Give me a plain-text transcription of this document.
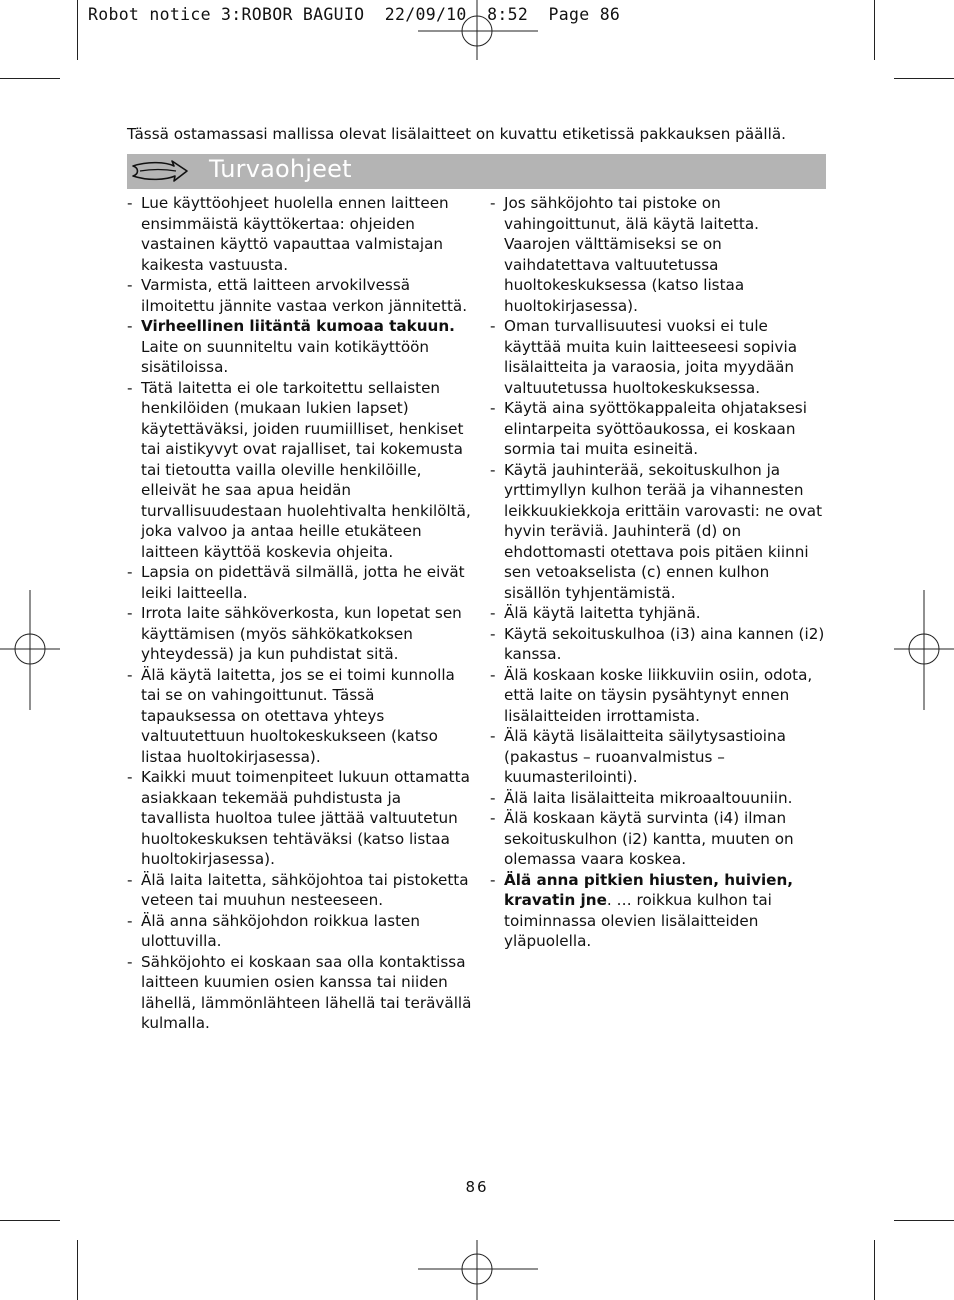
Robot notice 3:ROBOR BAGUIO  22/09/10  8:52  Page 86
Tässä ostamassasi mallissa olevat lisälaitteet on kuvattu etiketissä pakkauksen päällä.
Turvaohjeet
- Lue käyttöohjeet huolella ennen laitteen ensimmäistä käyttökertaa: ohjeiden vastainen käyttö vapauttaa valmistajan kaikesta vastuusta.
- Varmista, että laitteen arvokilvessä ilmoitettu jännite vastaa verkon jännitettä.
- Virheellinen liitäntä kumoaa takuun. Laite on suunniteltu vain kotikäyttöön sisätiloissa.
- Tätä laitetta ei ole tarkoitettu sellaisten henkilöiden (mukaan lukien lapset) käytettäväksi, joiden ruumiilliset, henkiset tai aistikyvyt ovat rajalliset, tai kokemusta tai tietoutta vailla oleville henkilöille, elleivät he saa apua heidän turvallisuudestaan huolehtivalta henkilöltä, joka valvoo ja antaa heille etukäteen laitteen käyttöä koskevia ohjeita.
- Lapsia on pidettävä silmällä, jotta he eivät leiki laitteella.
- Irrota laite sähköverkosta, kun lopetat sen käyttämisen (myös sähkökatkoksen yhteydessä) ja kun puhdistat sitä.
- Älä käytä laitetta, jos se ei toimi kunnolla tai se on vahingoittunut. Tässä tapauksessa on otettava yhteys valtuutettuun huoltokeskukseen (katso listaa huoltokirjasessa).
- Kaikki muut toimenpiteet lukuun ottamatta asiakkaan tekemää puhdistusta ja tavallista huoltoa tulee jättää valtuutetun huoltokeskuksen tehtäväksi (katso listaa huoltokirjasessa).
- Älä laita laitetta, sähköjohtoa tai pistoketta veteen tai muuhun nesteeseen.
- Älä anna sähköjohdon roikkua lasten ulottuvilla.
- Sähköjohto ei koskaan saa olla kontaktissa laitteen kuumien osien kanssa tai niiden lähellä, lämmönlähteen lähellä tai terävällä kulmalla.
- Jos sähköjohto tai pistoke on vahingoittunut, älä käytä laitetta. Vaarojen välttämiseksi se on vaihdatettava valtuutetussa huoltokeskuksessa (katso listaa huoltokirjasessa).
- Oman turvallisuutesi vuoksi ei tule käyttää muita kuin laitteeseesi sopivia lisälaitteita ja varaosia, joita myydään valtuutetussa huoltokeskuksessa.
- Käytä aina syöttökappaleita ohjataksesi elintarpeita syöttöaukossa, ei koskaan sormia tai muita esineitä.
- Käytä jauhinterää, sekoituskulhon ja yrttimyllyn kulhon terää ja vihannesten leikkuukiekkoja erittäin varovasti: ne ovat hyvin teräviä. Jauhinterä (d) on ehdottomasti otettava pois pitäen kiinni sen vetoakselista (c) ennen kulhon sisällön tyhjentämistä.
- Älä käytä laitetta tyhjänä.
- Käytä sekoituskulhoa (i3) aina kannen (i2) kanssa.
- Älä koskaan koske liikkuviin osiin, odota, että laite on täysin pysähtynyt ennen lisälaitteiden irrottamista.
- Älä käytä lisälaitteita säilytysastioina (pakastus – ruoanvalmistus – kuumasterilointi).
- Älä laita lisälaitteita mikroaaltouuniin.
- Älä koskaan käytä survinta (i4) ilman sekoituskulhon (i2) kantta, muuten on olemassa vaara koskea.
- Älä anna pitkien hiusten, huivien, kravatin jne. … roikkua kulhon tai toiminnassa olevien lisälaitteiden yläpuolella.
86
